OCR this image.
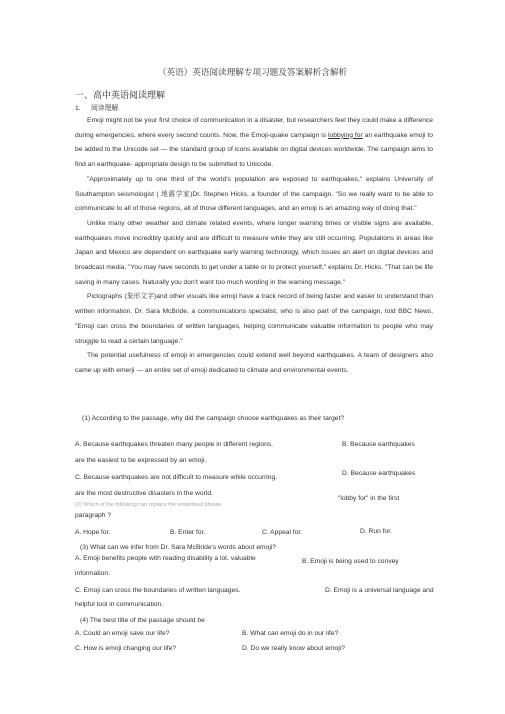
（英语）英语阅读理解专项习题及答案解析含解析
一、高中英语阅读理解
1. 阅读理解

Emoji might not be your first choice of communication in a disaster, but researchers feel they could make a difference during emergencies, where every second counts. Now, the Emoji-quake campaign is lobbying for an earthquake emoji to be added to the Unicode set — the standard group of icons available on digital devices worldwide. The campaign aims to find an earthquake- appropriate design to be submitted to Unicode.

"Approximately up to one third of the world's population are exposed to earthquakes," explains University of Southampton seismologist ( 地震学家)Dr. Stephen Hicks, a founder of the campaign. "So we really want to be able to communicate to all of those regions, all of those different languages, and an emoji is an amazing way of doing that."

Unlike many other weather and climate related events, where longer warning times or visible signs are available, earthquakes move incredibly quickly and are difficult to measure while they are still occurring. Populations in areas like Japan and Mexico are dependent on earthquake early warning technology, which issues an alert on digital devices and broadcast media. "You may have seconds to get under a table or to protect yourself," explains Dr. Hicks. "That can be life saving in many cases. Naturally you don't want too much wording in the warning message."

Pictographs (象形文字)and other visuals like emoji have a track record of being faster and easier to understand than written information. Dr. Sara McBride, a communications specialist, who is also part of the campaign, told BBC News, "Emoji can cross the boundaries of written languages, helping communicate valuable information to people who may struggle to read a certain language."

The potential usefulness of emoji in emergencies could extend well beyond earthquakes. A team of designers also came up with emerji — an entire set of emoji dedicated to climate and environmental events.

(1) According to the passage, why did the campaign choose earthquakes as their target?
A. Because earthquakes threaten many people in different regions.	B. Because earthquakes
are the easiest to be expressed by an emoji.
C. Because earthquakes are not difficult to measure while occurring.
D. Because earthquakes
are the most destructive disasters in the world.
(2) Which of the following can replace the underlined phrase
"lobby for" in the first
paragraph ?
A. Hope for.	B. Enter for.	C. Appeal for.	D. Run for.
(3) What can we infer from Dr. Sara McBride's words about emoji?
A. Emoji benefits people with reading disability a lot. valuable	B. Emoji is being used to convey
information.
C. Emoji can cross the boundaries of written languages.	D. Emoji is a universal language and
helpful tool in communication.
(4) The best title of the passage should be
A. Could an emoji save our life?	B. What can emoji do in our life?
C. How is emoji changing our life?	D. Do we really know about emoji?
